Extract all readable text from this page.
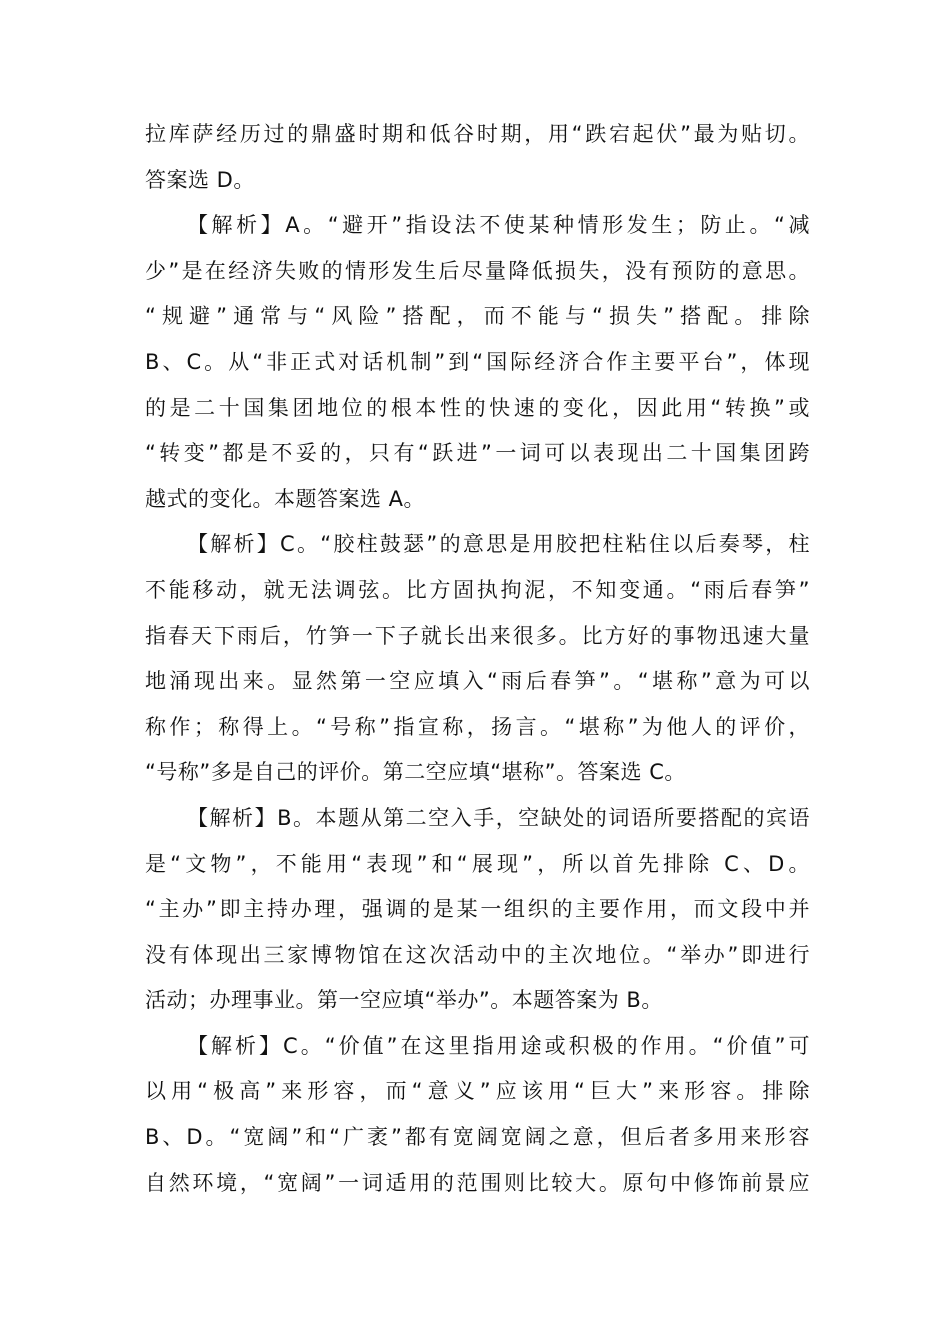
拉库萨经历过的鼎盛时期和低谷时期，用“跌宕起伏”最为贴切。
答案选 D。
【解析】A。“避开”指设法不使某种情形发生；防止。“减
少”是在经济失败的情形发生后尽量降低损失，没有预防的意思。
“规避”通常与“风险”搭配，而不能与“损失”搭配。排除
B、C。从“非正式对话机制”到“国际经济合作主要平台”，体现
的是二十国集团地位的根本性的快速的变化，因此用“转换”或
“转变”都是不妥的，只有“跃进”一词可以表现出二十国集团跨
越式的变化。本题答案选 A。
【解析】C。“胶柱鼓瑟”的意思是用胶把柱粘住以后奏琴，柱
不能移动，就无法调弦。比方固执拘泥，不知变通。“雨后春笋”
指春天下雨后，竹笋一下子就长出来很多。比方好的事物迅速大量
地涌现出来。显然第一空应填入“雨后春笋”。“堪称”意为可以
称作；称得上。“号称”指宣称，扬言。“堪称”为他人的评价，
“号称”多是自己的评价。第二空应填“堪称”。答案选 C。
【解析】B。本题从第二空入手，空缺处的词语所要搭配的宾语
是“文物”，不能用“表现”和“展现”，所以首先排除 C、D。
“主办”即主持办理，强调的是某一组织的主要作用，而文段中并
没有体现出三家博物馆在这次活动中的主次地位。“举办”即进行
活动；办理事业。第一空应填“举办”。本题答案为 B。
【解析】C。“价值”在这里指用途或积极的作用。“价值”可
以用“极高”来形容，而“意义”应该用“巨大”来形容。排除
B、D。“宽阔”和“广袤”都有宽阔宽阔之意，但后者多用来形容
自然环境，“宽阔”一词适用的范围则比较大。原句中修饰前景应
